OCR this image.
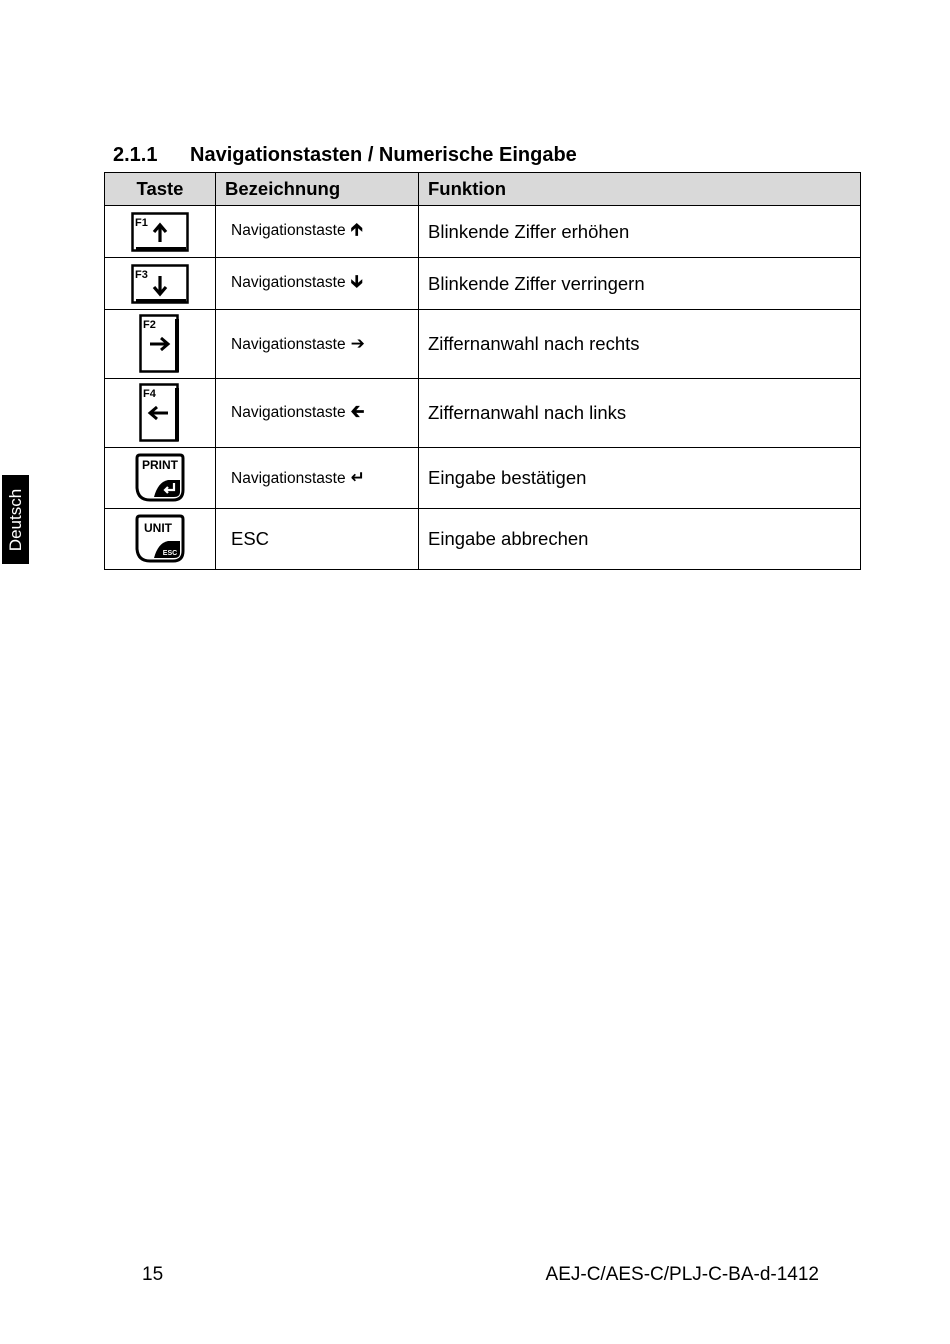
2.1.1 Navigationstasten / Numerische Eingabe
Taste	Bezeichnung	Funktion

F1	Navigationstaste 🡱	Blinkende Ziffer erhöhen

F3	Navigationstaste 🡳	Blinkende Ziffer verringern

F2	Navigationstaste ➔	Ziffernanwahl nach rechts

F4	Navigationstaste 🡰	Ziffernanwahl nach links

PRINT	Navigationstaste ↵	Eingabe bestätigen

UNIT
ESC	ESC	Eingabe abbrechen
Deutsch
15	AEJ-C/AES-C/PLJ-C-BA-d-1412
